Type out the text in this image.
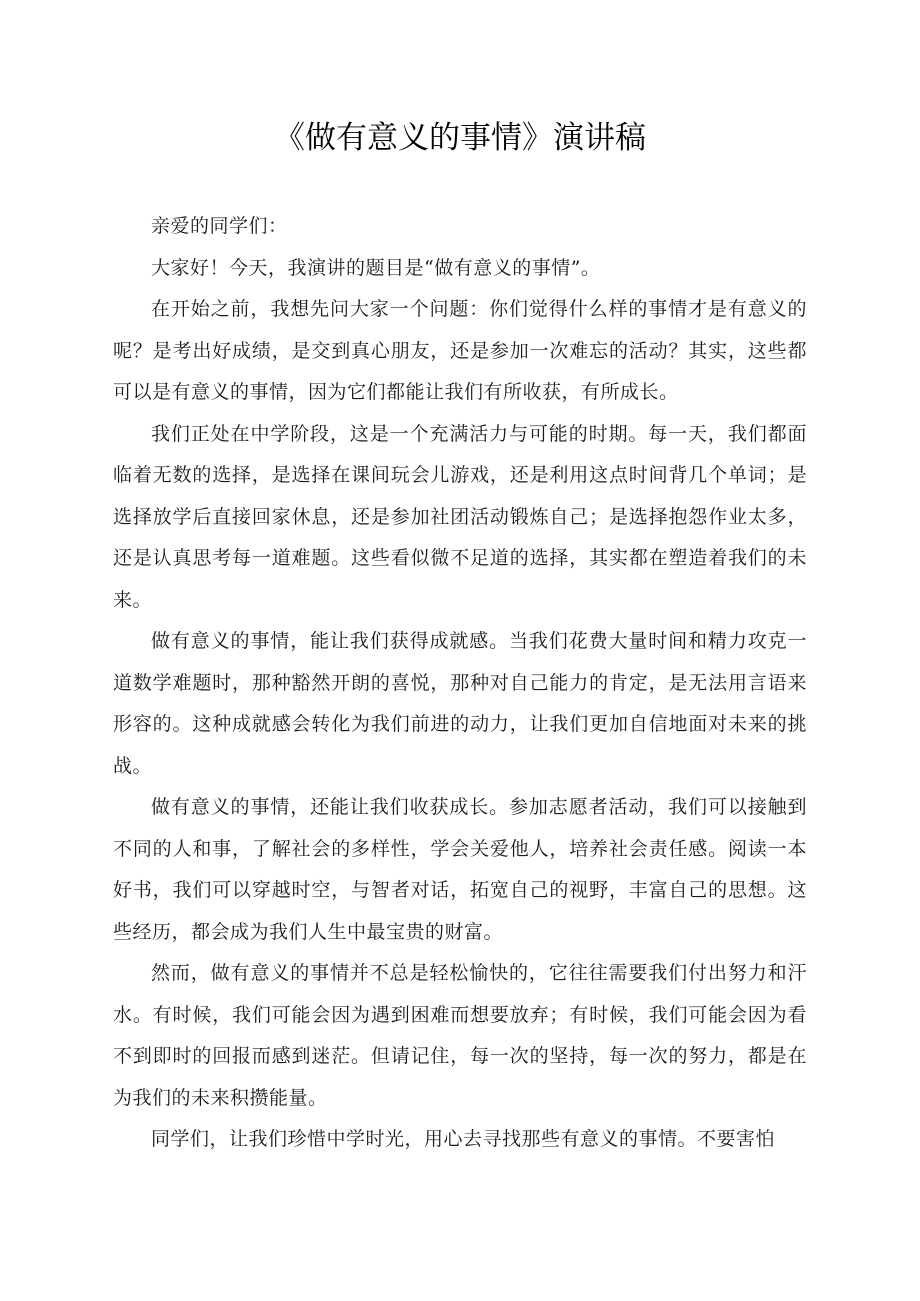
《做有意义的事情》演讲稿

亲爱的同学们：

大家好！今天，我演讲的题目是“做有意义的事情”。

在开始之前，我想先问大家一个问题：你们觉得什么样的事情才是有意义的呢？是考出好成绩，是交到真心朋友，还是参加一次难忘的活动？其实，这些都可以是有意义的事情，因为它们都能让我们有所收获，有所成长。

我们正处在中学阶段，这是一个充满活力与可能的时期。每一天，我们都面临着无数的选择，是选择在课间玩会儿游戏，还是利用这点时间背几个单词；是选择放学后直接回家休息，还是参加社团活动锻炼自己；是选择抱怨作业太多，还是认真思考每一道难题。这些看似微不足道的选择，其实都在塑造着我们的未来。

做有意义的事情，能让我们获得成就感。当我们花费大量时间和精力攻克一道数学难题时，那种豁然开朗的喜悦，那种对自己能力的肯定，是无法用言语来形容的。这种成就感会转化为我们前进的动力，让我们更加自信地面对未来的挑战。

做有意义的事情，还能让我们收获成长。参加志愿者活动，我们可以接触到不同的人和事，了解社会的多样性，学会关爱他人，培养社会责任感。阅读一本好书，我们可以穿越时空，与智者对话，拓宽自己的视野，丰富自己的思想。这些经历，都会成为我们人生中最宝贵的财富。

然而，做有意义的事情并不总是轻松愉快的，它往往需要我们付出努力和汗水。有时候，我们可能会因为遇到困难而想要放弃；有时候，我们可能会因为看不到即时的回报而感到迷茫。但请记住，每一次的坚持，每一次的努力，都是在为我们的未来积攒能量。

同学们，让我们珍惜中学时光，用心去寻找那些有意义的事情。不要害怕
